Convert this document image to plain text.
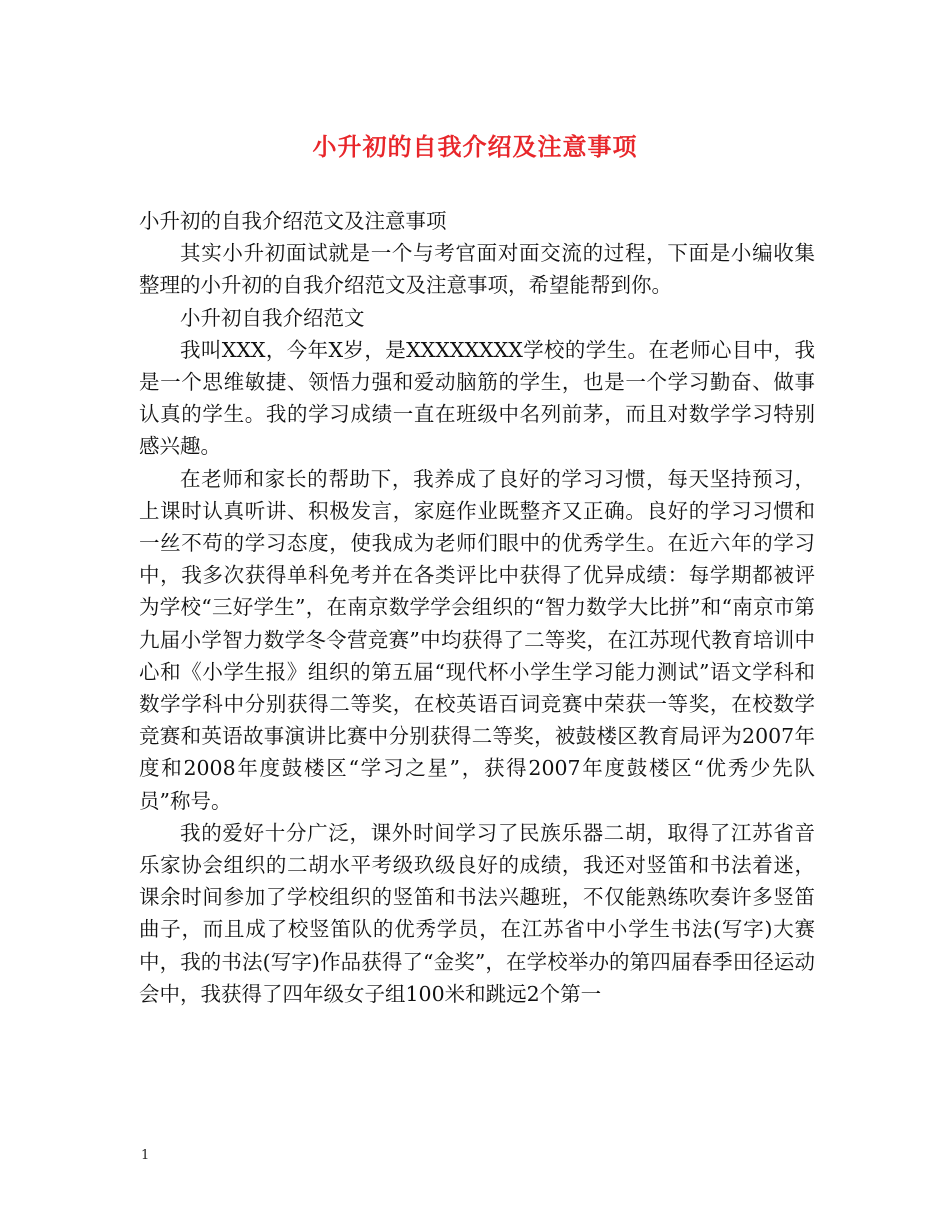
小升初的自我介绍及注意事项

小升初的自我介绍范文及注意事项

其实小升初面试就是一个与考官面对面交流的过程，下面是小编收集整理的小升初的自我介绍范文及注意事项，希望能帮到你。

小升初自我介绍范文

我叫XXX，今年X岁，是XXXXXXXX学校的学生。在老师心目中，我是一个思维敏捷、领悟力强和爱动脑筋的学生，也是一个学习勤奋、做事认真的学生。我的学习成绩一直在班级中名列前茅，而且对数学学习特别感兴趣。

在老师和家长的帮助下，我养成了良好的学习习惯，每天坚持预习，上课时认真听讲、积极发言，家庭作业既整齐又正确。良好的学习习惯和一丝不苟的学习态度，使我成为老师们眼中的优秀学生。在近六年的学习中，我多次获得单科免考并在各类评比中获得了优异成绩：每学期都被评为学校“三好学生”，在南京数学学会组织的“智力数学大比拼”和“南京市第九届小学智力数学冬令营竞赛”中均获得了二等奖，在江苏现代教育培训中心和《小学生报》组织的第五届“现代杯小学生学习能力测试”语文学科和数学学科中分别获得二等奖，在校英语百词竞赛中荣获一等奖，在校数学竞赛和英语故事演讲比赛中分别获得二等奖，被鼓楼区教育局评为2007年度和2008年度鼓楼区“学习之星”，获得2007年度鼓楼区“优秀少先队员”称号。

我的爱好十分广泛，课外时间学习了民族乐器二胡，取得了江苏省音乐家协会组织的二胡水平考级玖级良好的成绩，我还对竖笛和书法着迷，课余时间参加了学校组织的竖笛和书法兴趣班，不仅能熟练吹奏许多竖笛曲子，而且成了校竖笛队的优秀学员，在江苏省中小学生书法(写字)大赛中，我的书法(写字)作品获得了“金奖”，在学校举办的第四届春季田径运动会中，我获得了四年级女子组100米和跳远2个第一

1
